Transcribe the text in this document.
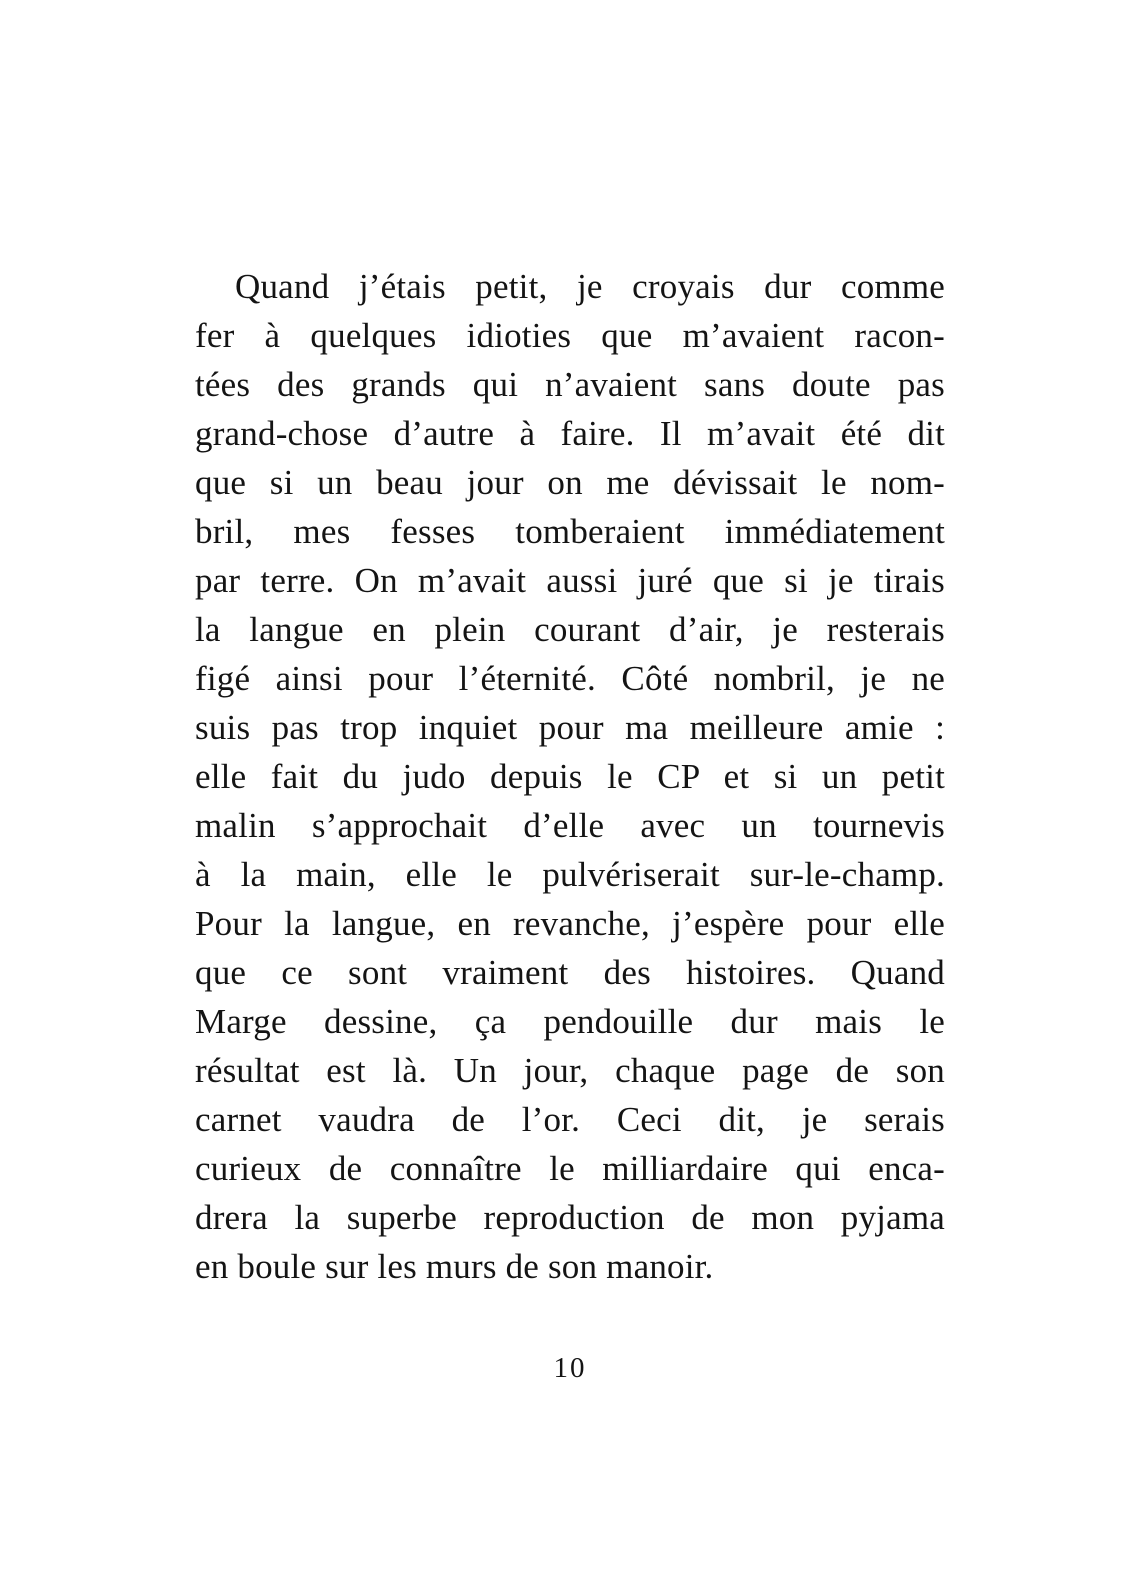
Quand j’étais petit, je croyais dur comme
fer à quelques idioties que m’avaient racon-
tées des grands qui n’avaient sans doute pas
grand-chose d’autre à faire. Il m’avait été dit
que si un beau jour on me dévissait le nom-
bril, mes fesses tomberaient immédiatement
par terre. On m’avait aussi juré que si je tirais
la langue en plein courant d’air, je resterais
figé ainsi pour l’éternité. Côté nombril, je ne
suis pas trop inquiet pour ma meilleure amie :
elle fait du judo depuis le CP et si un petit
malin s’approchait d’elle avec un tournevis
à la main, elle le pulvériserait sur-le-champ.
Pour la langue, en revanche, j’espère pour elle
que ce sont vraiment des histoires. Quand
Marge dessine, ça pendouille dur mais le
résultat est là. Un jour, chaque page de son
carnet vaudra de l’or. Ceci dit, je serais
curieux de connaître le milliardaire qui enca-
drera la superbe reproduction de mon pyjama
en boule sur les murs de son manoir.
10
